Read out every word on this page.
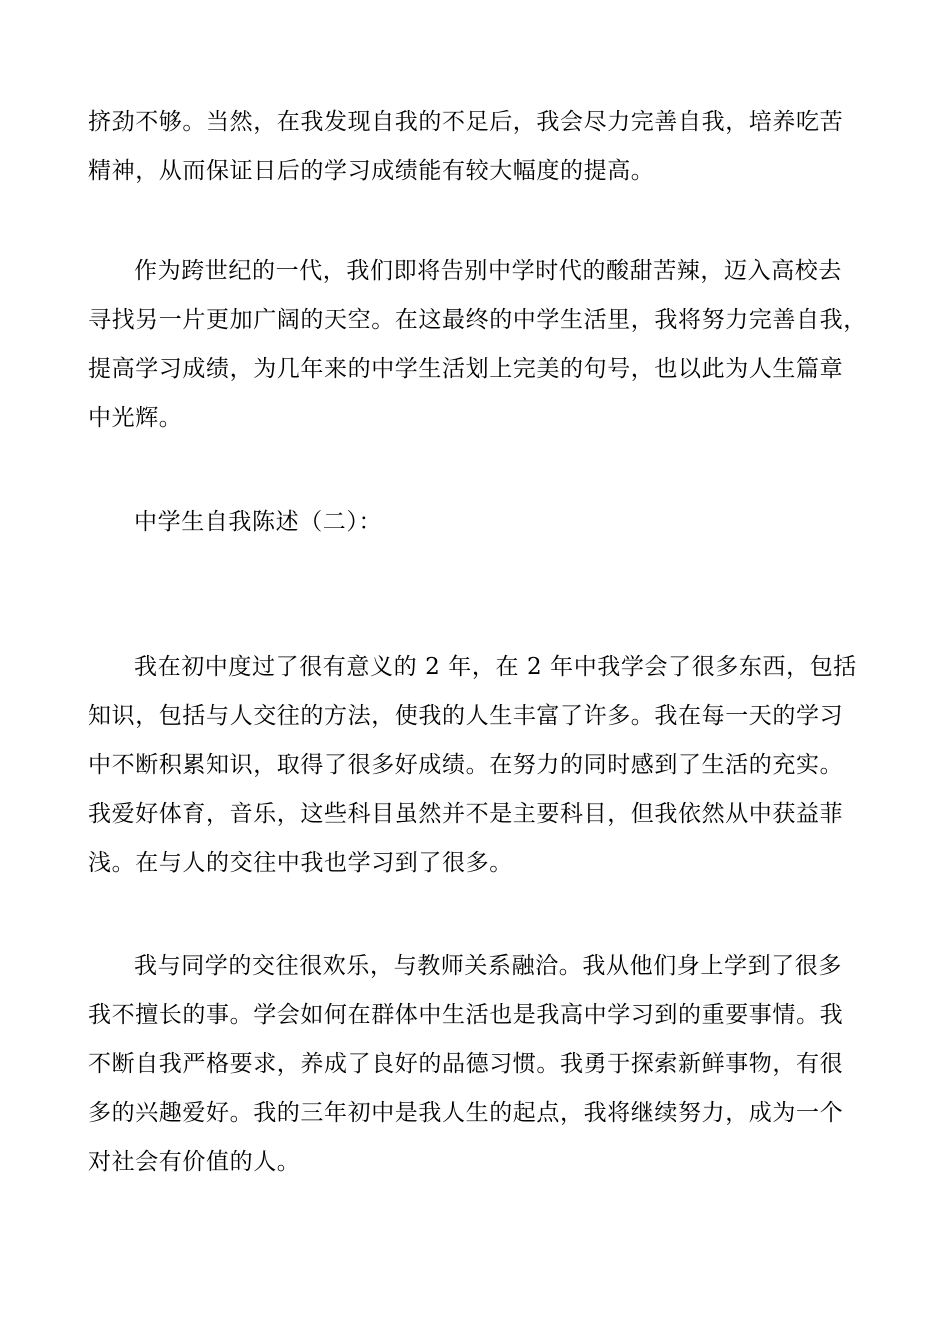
挤劲不够。当然，在我发现自我的不足后，我会尽力完善自我，培养吃苦
精神，从而保证日后的学习成绩能有较大幅度的提高。

作为跨世纪的一代，我们即将告别中学时代的酸甜苦辣，迈入高校去
寻找另一片更加广阔的天空。在这最终的中学生活里，我将努力完善自我，
提高学习成绩，为几年来的中学生活划上完美的句号，也以此为人生篇章
中光辉。

中学生自我陈述（二）：

我在初中度过了很有意义的 2 年，在 2 年中我学会了很多东西，包括
知识，包括与人交往的方法，使我的人生丰富了许多。我在每一天的学习
中不断积累知识，取得了很多好成绩。在努力的同时感到了生活的充实。
我爱好体育，音乐，这些科目虽然并不是主要科目，但我依然从中获益菲
浅。在与人的交往中我也学习到了很多。

我与同学的交往很欢乐，与教师关系融洽。我从他们身上学到了很多
我不擅长的事。学会如何在群体中生活也是我高中学习到的重要事情。我
不断自我严格要求，养成了良好的品德习惯。我勇于探索新鲜事物，有很
多的兴趣爱好。我的三年初中是我人生的起点，我将继续努力，成为一个
对社会有价值的人。
